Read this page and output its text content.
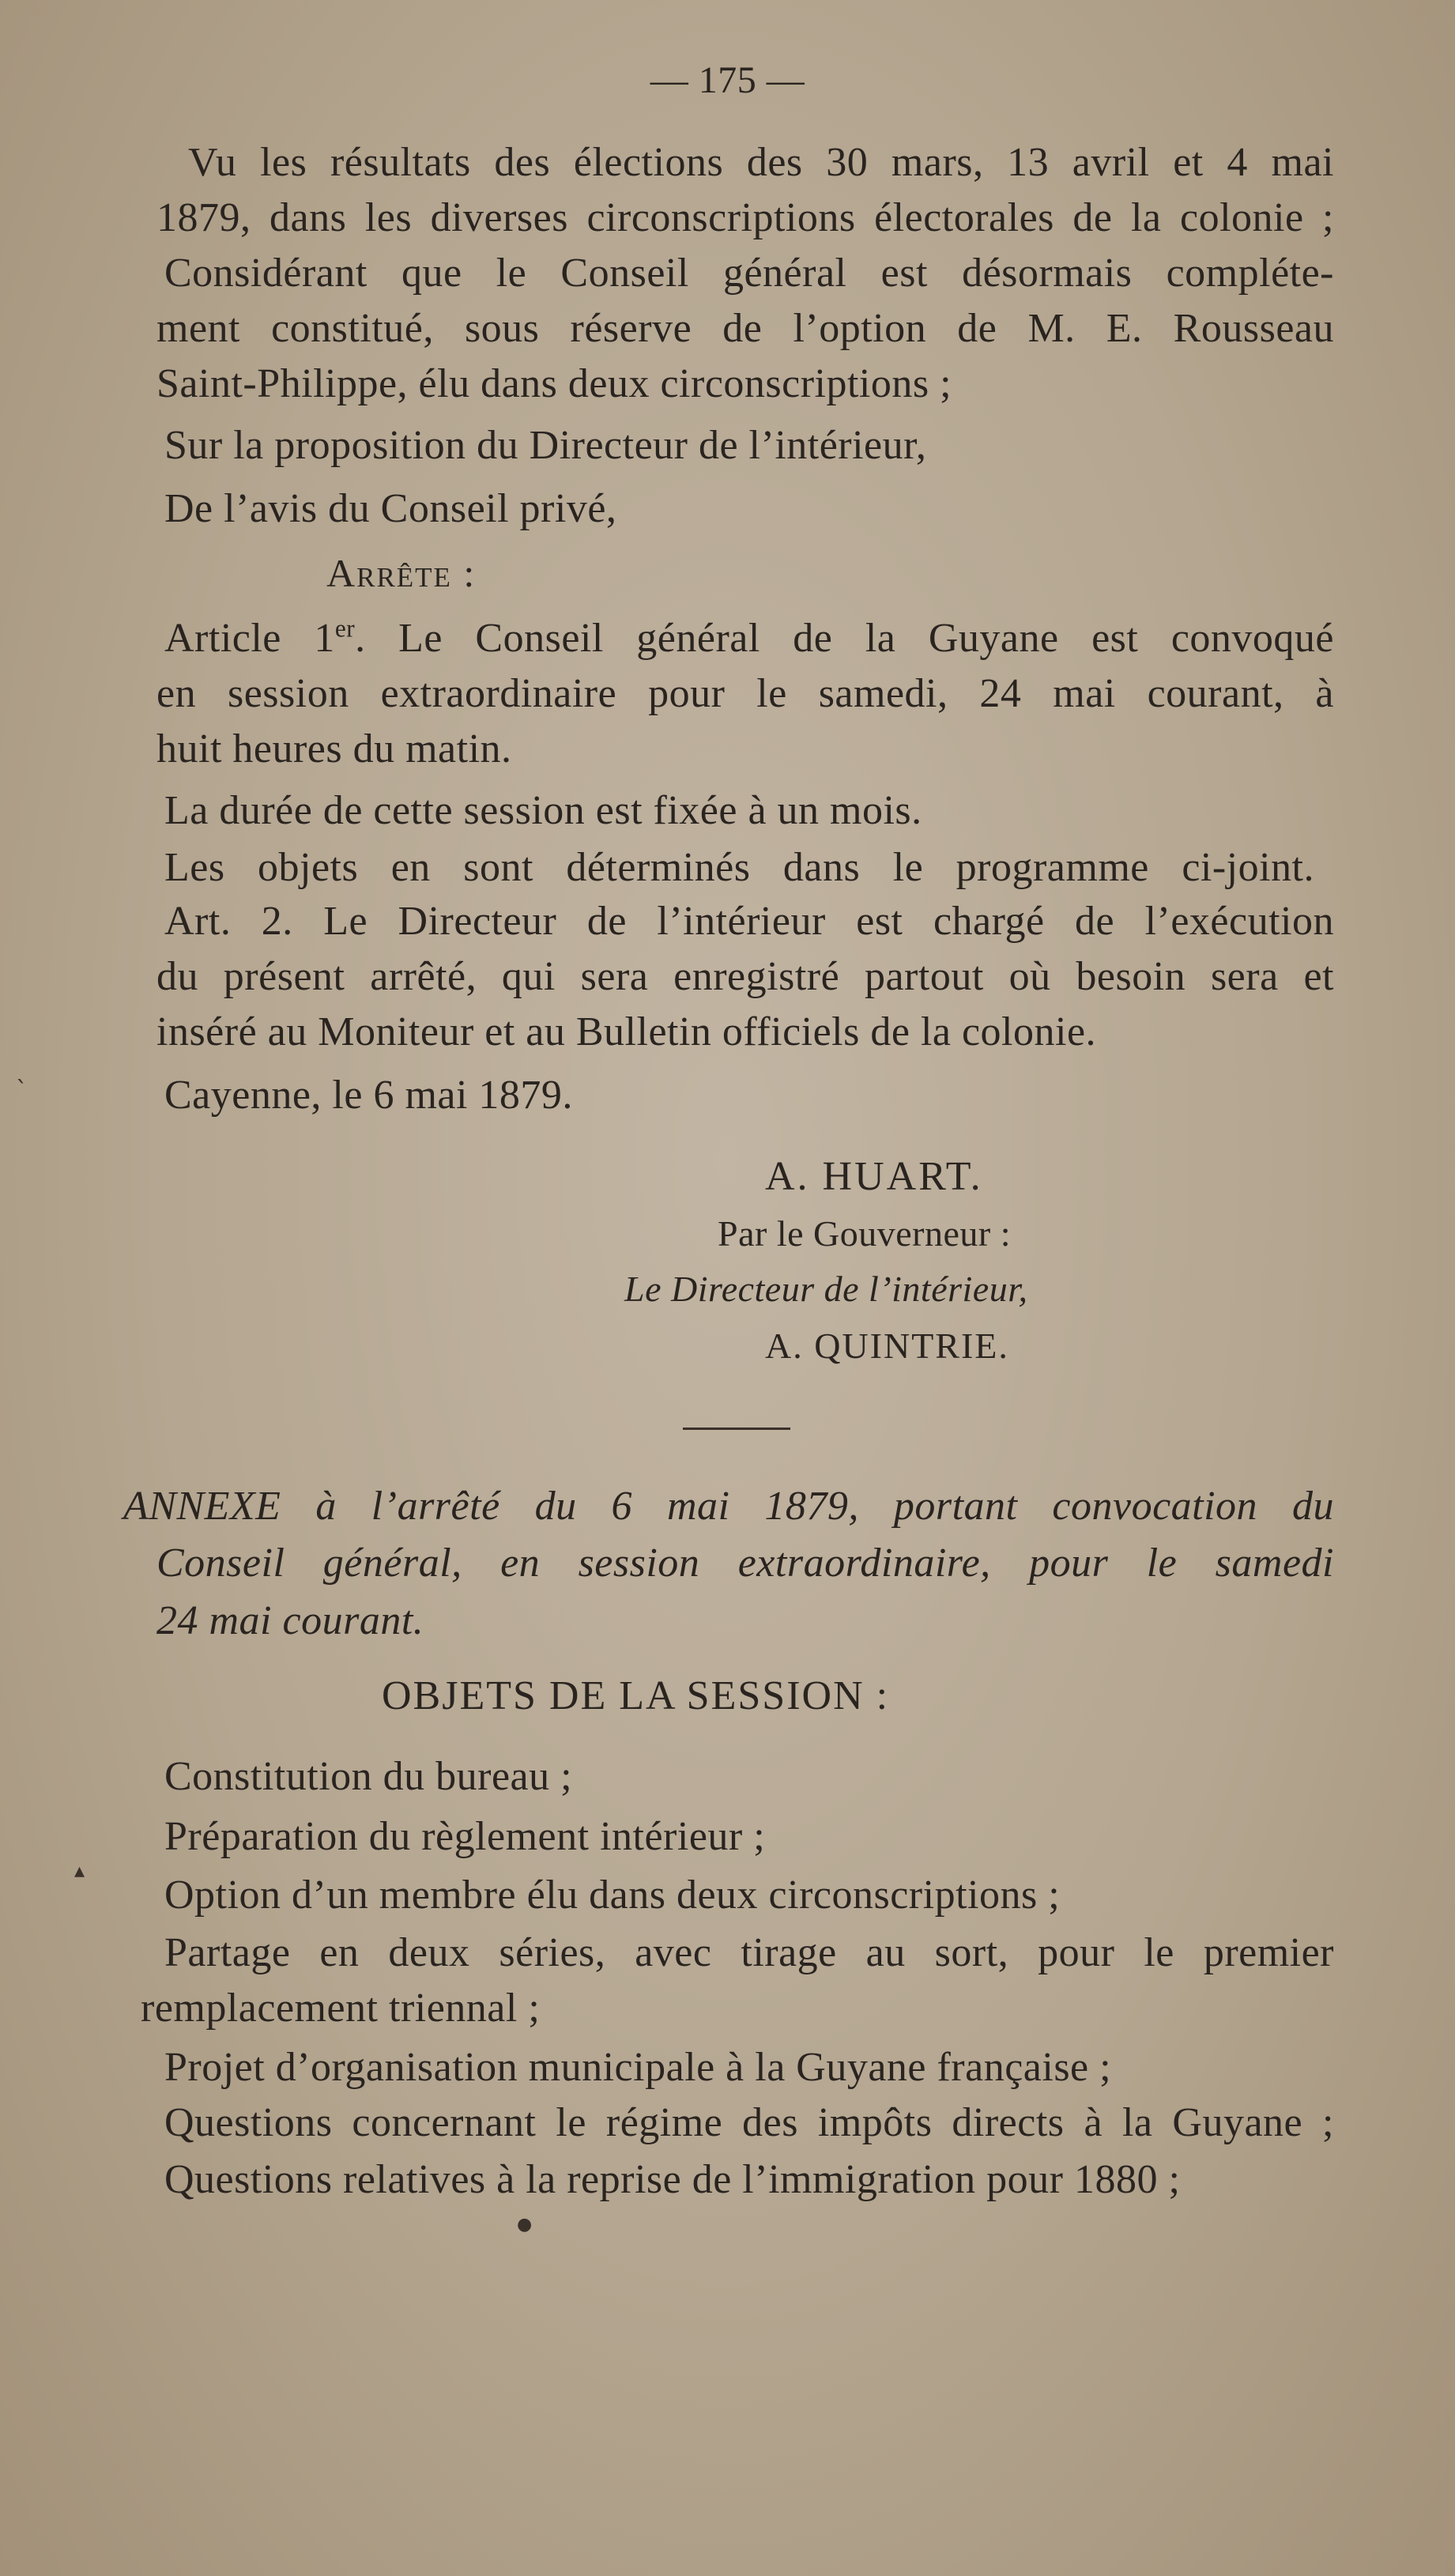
— 175 —
Vu les résultats des élections des 30 mars, 13 avril et 4 mai
1879, dans les diverses circonscriptions électorales de la colonie ;
Considérant que le Conseil général est désormais compléte-
ment constitué, sous réserve de l’option de M. E. Rousseau
Saint-Philippe, élu dans deux circonscriptions ;
Sur la proposition du Directeur de l’intérieur,
De l’avis du Conseil privé,
Arrête :
Article 1er. Le Conseil général de la Guyane est convoqué
en session extraordinaire pour le samedi, 24 mai courant, à
huit heures du matin.
La durée de cette session est fixée à un mois.
Les objets en sont déterminés dans le programme ci-joint.
Art. 2. Le Directeur de l’intérieur est chargé de l’exécution
du présent arrêté, qui sera enregistré partout où besoin sera et
inséré au Moniteur et au Bulletin officiels de la colonie.
Cayenne, le 6 mai 1879.
A. HUART.
Par le Gouverneur :
Le Directeur de l’intérieur,
A. QUINTRIE.
ANNEXE à l’arrêté du 6 mai 1879, portant convocation du
Conseil général, en session extraordinaire, pour le samedi
24 mai courant.
OBJETS DE LA SESSION :
Constitution du bureau ;
Préparation du règlement intérieur ;
Option d’un membre élu dans deux circonscriptions ;
Partage en deux séries, avec tirage au sort, pour le premier
remplacement triennal ;
Projet d’organisation municipale à la Guyane française ;
Questions concernant le régime des impôts directs à la Guyane ;
Questions relatives à la reprise de l’immigration pour 1880 ;
`
▴
●
